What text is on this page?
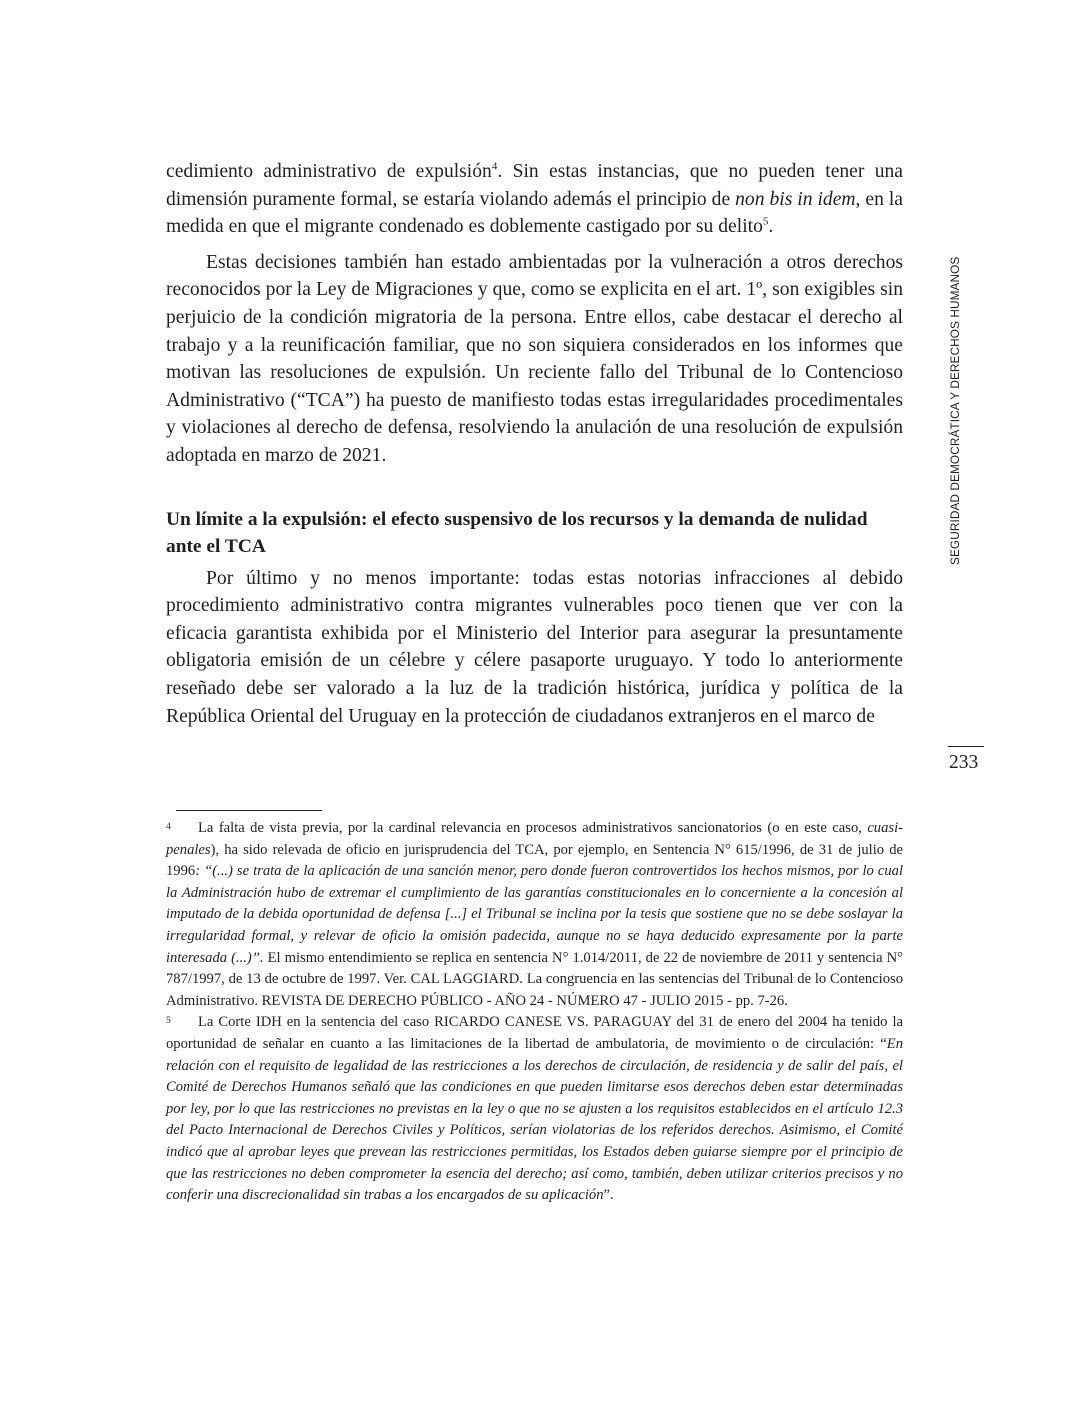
cedimiento administrativo de expulsión$^4$. Sin estas instancias, que no pueden tener una dimensión puramente formal, se estaría violando además el principio de non bis in idem, en la medida en que el migrante condenado es doblemente castigado por su delito$^5$.

Estas decisiones también han estado ambientadas por la vulneración a otros derechos reconocidos por la Ley de Migraciones y que, como se explicita en el art. 1º, son exigibles sin perjuicio de la condición migratoria de la persona. Entre ellos, cabe destacar el derecho al trabajo y a la reunificación familiar, que no son siquiera considerados en los informes que motivan las resoluciones de expulsión. Un reciente fallo del Tribunal de lo Contencioso Administrativo (“TCA”) ha puesto de manifiesto todas estas irregularidades procedimentales y violaciones al derecho de defensa, resolviendo la anulación de una resolución de expulsión adoptada en marzo de 2021.

Un límite a la expulsión: el efecto suspensivo de los recursos y la demanda de nulidad ante el TCA

Por último y no menos importante: todas estas notorias infracciones al debido procedimiento administrativo contra migrantes vulnerables poco tienen que ver con la eficacia garantista exhibida por el Ministerio del Interior para asegurar la presuntamente obligatoria emisión de un célebre y célere pasaporte uruguayo. Y todo lo anteriormente reseñado debe ser valorado a la luz de la tradición histórica, jurídica y política de la República Oriental del Uruguay en la protección de ciudadanos extranjeros en el marco de

SEGURIDAD DEMOCRÁTICA Y DERECHOS HUMANOS
233

4 La falta de vista previa, por la cardinal relevancia en procesos administrativos sancionatorios (o en este caso, cuasi-penales), ha sido relevada de oficio en jurisprudencia del TCA, por ejemplo, en Sentencia N° 615/1996, de 31 de julio de 1996: “(...) se trata de la aplicación de una sanción menor, pero donde fueron controvertidos los hechos mismos, por lo cual la Administración hubo de extremar el cumplimiento de las garantías constitucionales en lo concerniente a la concesión al imputado de la debida oportunidad de defensa [...] el Tribunal se inclina por la tesis que sostiene que no se debe soslayar la irregularidad formal, y relevar de oficio la omisión padecida, aunque no se haya deducido expresamente por la parte interesada (...)”. El mismo entendimiento se replica en sentencia N° 1.014/2011, de 22 de noviembre de 2011 y sentencia N° 787/1997, de 13 de octubre de 1997. Ver. CAL LAGGIARD. La congruencia en las sentencias del Tribunal de lo Contencioso Administrativo. REVISTA DE DERECHO PÚBLICO - AÑO 24 - NÚMERO 47 - JULIO 2015 - pp. 7-26.

5 La Corte IDH en la sentencia del caso RICARDO CANESE VS. PARAGUAY del 31 de enero del 2004 ha tenido la oportunidad de señalar en cuanto a las limitaciones de la libertad de ambulatoria, de movimiento o de circulación: “En relación con el requisito de legalidad de las restricciones a los derechos de circulación, de residencia y de salir del país, el Comité de Derechos Humanos señaló que las condiciones en que pueden limitarse esos derechos deben estar determinadas por ley, por lo que las restricciones no previstas en la ley o que no se ajusten a los requisitos establecidos en el artículo 12.3 del Pacto Internacional de Derechos Civiles y Políticos, serían violatorias de los referidos derechos. Asimismo, el Comité indicó que al aprobar leyes que prevean las restricciones permitidas, los Estados deben guiarse siempre por el principio de que las restricciones no deben comprometer la esencia del derecho; así como, también, deben utilizar criterios precisos y no conferir una discrecionalidad sin trabas a los encargados de su aplicación”.
